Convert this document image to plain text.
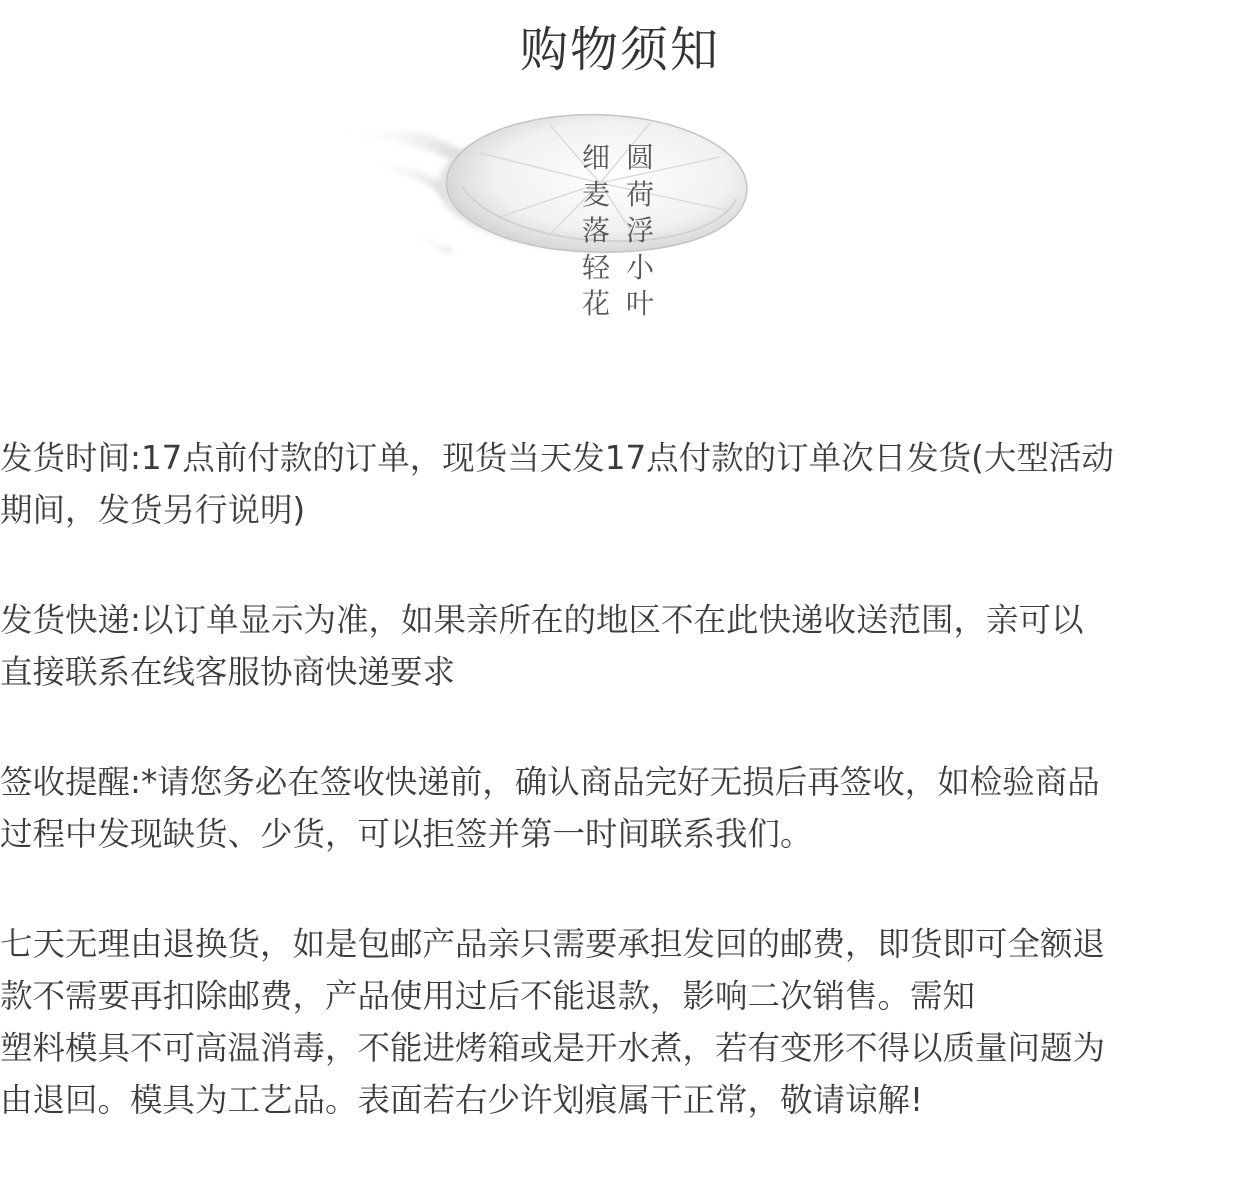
购物须知
细
麦
落
轻
花
圆
荷
浮
小
叶

发货时间:17点前付款的订单，现货当天发17点付款的订单次日发货(大型活动
期间，发货另行说明)

发货快递:以订单显示为准，如果亲所在的地区不在此快递收送范围，亲可以
直接联系在线客服协商快递要求

签收提醒:*请您务必在签收快递前，确认商品完好无损后再签收，如检验商品
过程中发现缺货、少货，可以拒签并第一时间联系我们。

七天无理由退换货，如是包邮产品亲只需要承担发回的邮费，即货即可全额退
款不需要再扣除邮费，产品使用过后不能退款，影响二次销售。需知
塑料模具不可高温消毒，不能进烤箱或是开水煮，若有变形不得以质量问题为
由退回。模具为工艺品。表面若右少许划痕属干正常，敬请谅解!
